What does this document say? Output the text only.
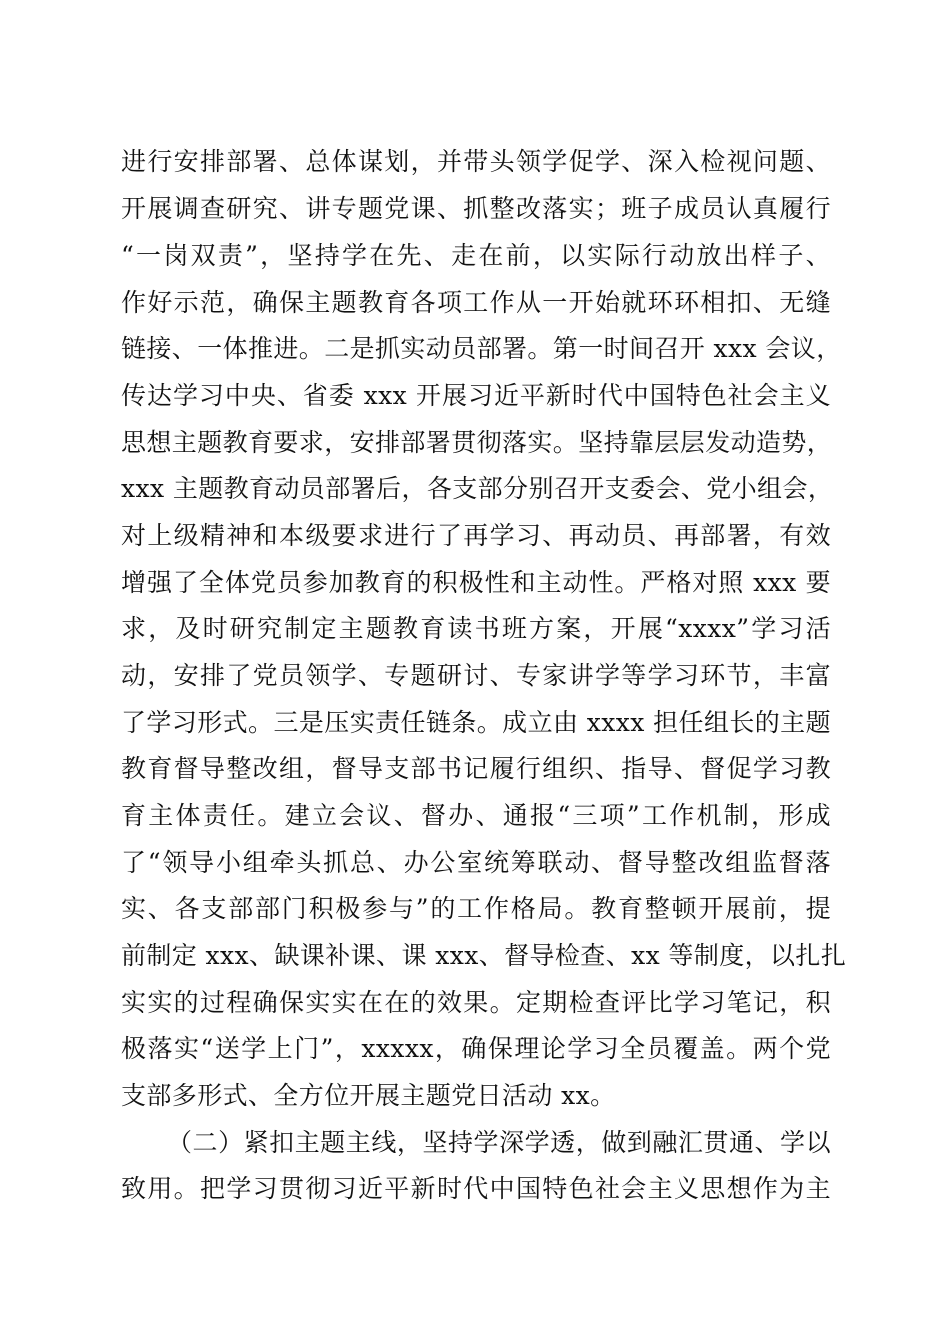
进行安排部署、总体谋划，并带头领学促学、深入检视问题、
开展调查研究、讲专题党课、抓整改落实；班子成员认真履行
“一岗双责”，坚持学在先、走在前，以实际行动放出样子、
作好示范，确保主题教育各项工作从一开始就环环相扣、无缝
链接、一体推进。二是抓实动员部署。第一时间召开 xxx 会议，
传达学习中央、省委 xxx 开展习近平新时代中国特色社会主义
思想主题教育要求，安排部署贯彻落实。坚持靠层层发动造势，
xxx 主题教育动员部署后，各支部分别召开支委会、党小组会，
对上级精神和本级要求进行了再学习、再动员、再部署，有效
增强了全体党员参加教育的积极性和主动性。严格对照 xxx 要
求，及时研究制定主题教育读书班方案，开展“xxxx”学习活
动，安排了党员领学、专题研讨、专家讲学等学习环节，丰富
了学习形式。三是压实责任链条。成立由 xxxx 担任组长的主题
教育督导整改组，督导支部书记履行组织、指导、督促学习教
育主体责任。建立会议、督办、通报“三项”工作机制，形成
了“领导小组牵头抓总、办公室统筹联动、督导整改组监督落
实、各支部部门积极参与”的工作格局。教育整顿开展前，提
前制定 xxx、缺课补课、课 xxx、督导检查、xx 等制度，以扎扎
实实的过程确保实实在在的效果。定期检查评比学习笔记，积
极落实“送学上门”，xxxxx，确保理论学习全员覆盖。两个党
支部多形式、全方位开展主题党日活动 xx。
（二）紧扣主题主线，坚持学深学透，做到融汇贯通、学以
致用。把学习贯彻习近平新时代中国特色社会主义思想作为主
